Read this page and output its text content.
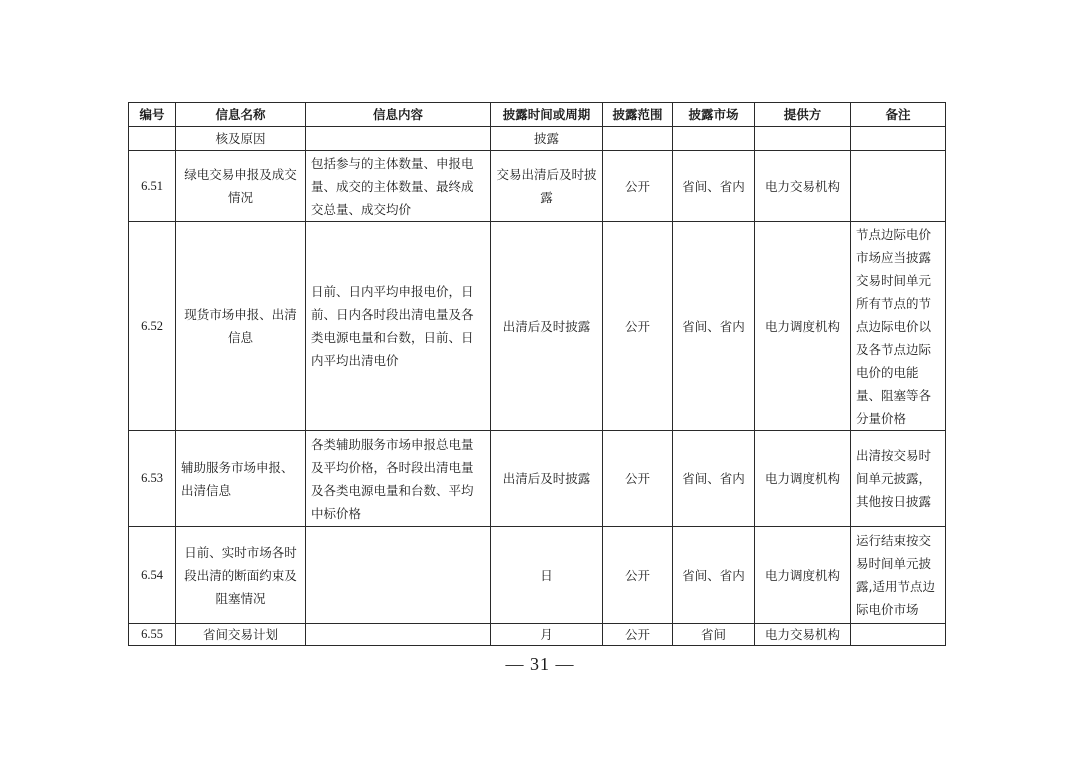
编号	信息名称	信息内容	披露时间或周期	披露范围	披露市场	提供方	备注
	核及原因		披露				
6.51	绿电交易申报及成交情况	包括参与的主体数量、申报电量、成交的主体数量、最终成交总量、成交均价	交易出清后及时披露	公开	省间、省内	电力交易机构	
6.52	现货市场申报、出清信息	日前、日内平均申报电价，日前、日内各时段出清电量及各类电源电量和台数，日前、日内平均出清电价	出清后及时披露	公开	省间、省内	电力调度机构	节点边际电价市场应当披露交易时间单元所有节点的节点边际电价以及各节点边际电价的电能量、阻塞等各分量价格
6.53	辅助服务市场申报、出清信息	各类辅助服务市场申报总电量及平均价格，各时段出清电量及各类电源电量和台数、平均中标价格	出清后及时披露	公开	省间、省内	电力调度机构	出清按交易时间单元披露，其他按日披露
6.54	日前、实时市场各时段出清的断面约束及阻塞情况		日	公开	省间、省内	电力调度机构	运行结束按交易时间单元披露,适用节点边际电价市场
6.55	省间交易计划		月	公开	省间	电力交易机构	
— 31 —
